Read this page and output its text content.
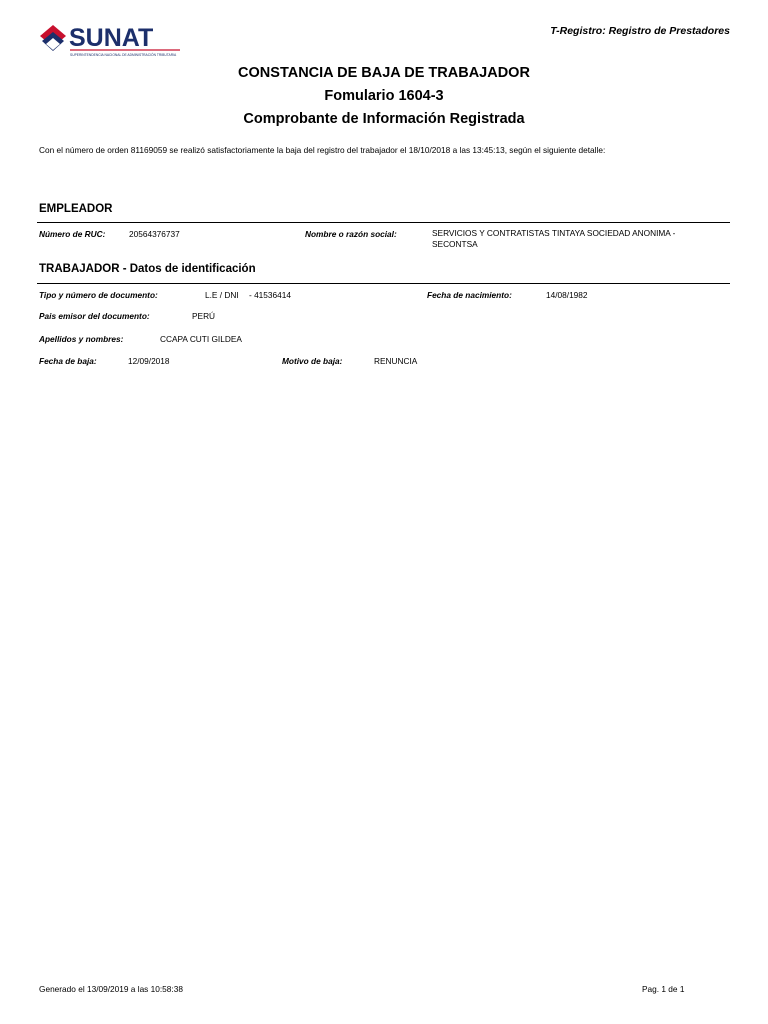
SUNAT
SUPERINTENDENCIA NACIONAL DE ADMINISTRACIÓN TRIBUTARIA
T-Registro: Registro de Prestadores
CONSTANCIA DE BAJA DE TRABAJADOR
Fomulario 1604-3
Comprobante de Información Registrada
Con el número de orden 81169059 se realizó satisfactoriamente la baja del registro del trabajador el 18/10/2018 a las 13:45:13, según el siguiente detalle:
EMPLEADOR
Número de RUC:	20564376737	Nombre o razón social:	SERVICIOS Y CONTRATISTAS TINTAYA SOCIEDAD ANONIMA - SECONTSA
TRABAJADOR - Datos de identificación
Tipo y número de documento:	L.E / DNI - 41536414	Fecha de nacimiento:	14/08/1982
Pais emisor del documento:	PERÚ
Apellidos y nombres:	CCAPA CUTI GILDEA
Fecha de baja:	12/09/2018	Motivo de baja:	RENUNCIA
Generado el 13/09/2019 a las 10:58:38	Pag. 1 de 1
